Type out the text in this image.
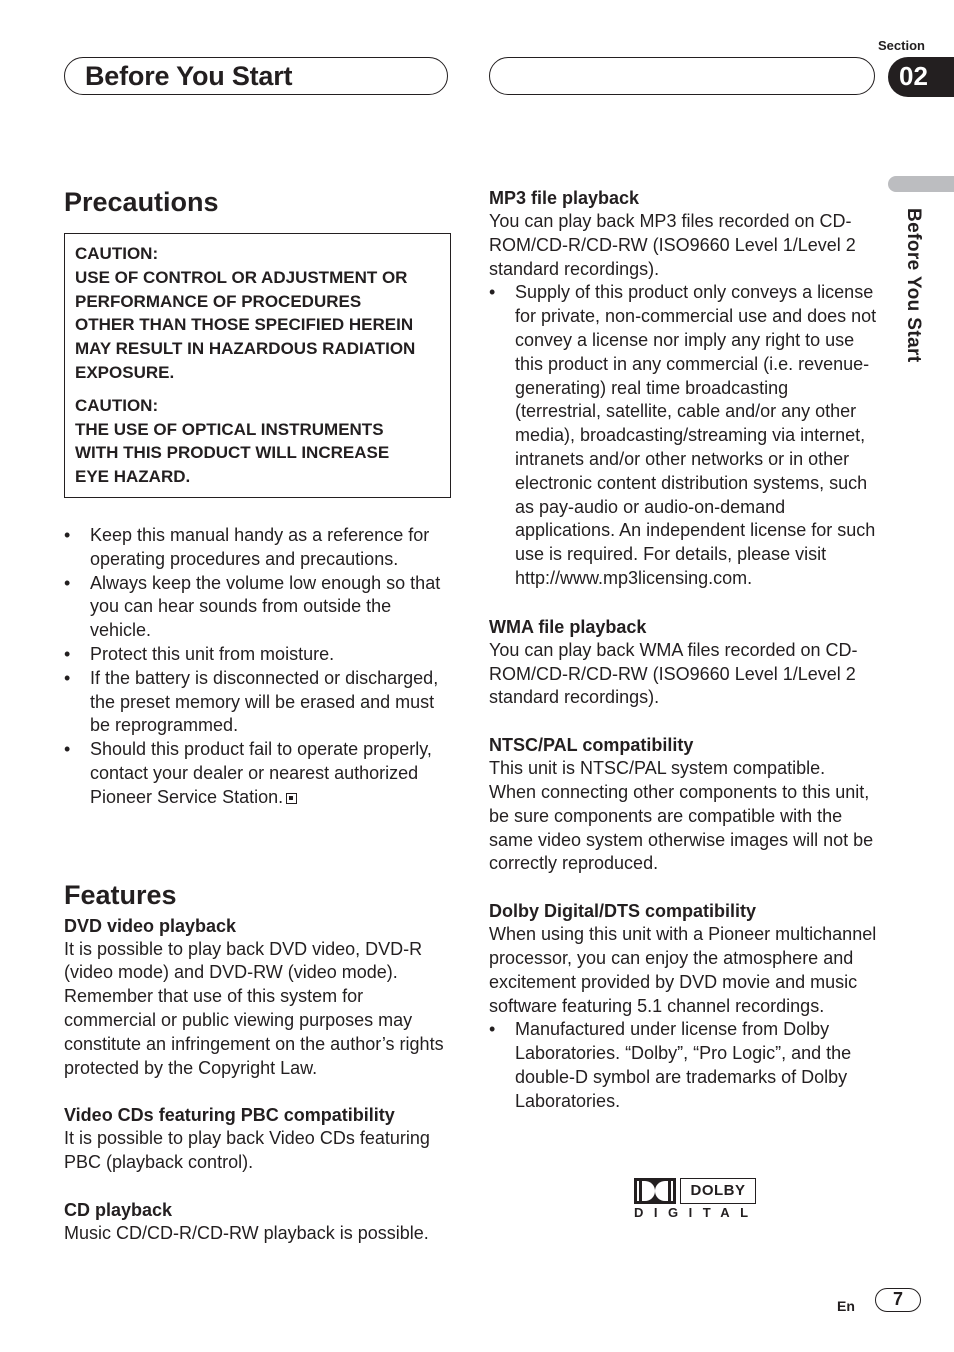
Section
Before You Start	02
Before You Start
Precautions
CAUTION:
USE OF CONTROL OR ADJUSTMENT OR
PERFORMANCE OF PROCEDURES
OTHER THAN THOSE SPECIFIED HEREIN
MAY RESULT IN HAZARDOUS RADIATION
EXPOSURE.
CAUTION:
THE USE OF OPTICAL INSTRUMENTS
WITH THIS PRODUCT WILL INCREASE
EYE HAZARD.
• Keep this manual handy as a reference for operating procedures and precautions.
• Always keep the volume low enough so that you can hear sounds from outside the vehicle.
• Protect this unit from moisture.
• If the battery is disconnected or discharged, the preset memory will be erased and must be reprogrammed.
• Should this product fail to operate properly, contact your dealer or nearest authorized Pioneer Service Station.
Features
DVD video playback

It is possible to play back DVD video, DVD-R (video mode) and DVD-RW (video mode). Remember that use of this system for commercial or public viewing purposes may constitute an infringement on the author’s rights protected by the Copyright Law.

Video CDs featuring PBC compatibility

It is possible to play back Video CDs featuring PBC (playback control).

CD playback

Music CD/CD-R/CD-RW playback is possible.

MP3 file playback

You can play back MP3 files recorded on CD-ROM/CD-R/CD-RW (ISO9660 Level 1/Level 2 standard recordings).

• Supply of this product only conveys a license for private, non-commercial use and does not convey a license nor imply any right to use this product in any commercial (i.e. revenue-generating) real time broadcasting (terrestrial, satellite, cable and/or any other media), broadcasting/streaming via internet, intranets and/or other networks or in other electronic content distribution systems, such as pay-audio or audio-on-demand applications. An independent license for such use is required. For details, please visit http://www.mp3licensing.com.
WMA file playback

You can play back WMA files recorded on CD-ROM/CD-R/CD-RW (ISO9660 Level 1/Level 2 standard recordings).

NTSC/PAL compatibility

This unit is NTSC/PAL system compatible. When connecting other components to this unit, be sure components are compatible with the same video system otherwise images will not be correctly reproduced.

Dolby Digital/DTS compatibility

When using this unit with a Pioneer multichannel processor, you can enjoy the atmosphere and excitement provided by DVD movie and music software featuring 5.1 channel recordings.

• Manufactured under license from Dolby Laboratories. “Dolby”, “Pro Logic”, and the double-D symbol are trademarks of Dolby Laboratories.
DOLBY
DIGITAL
En	7
